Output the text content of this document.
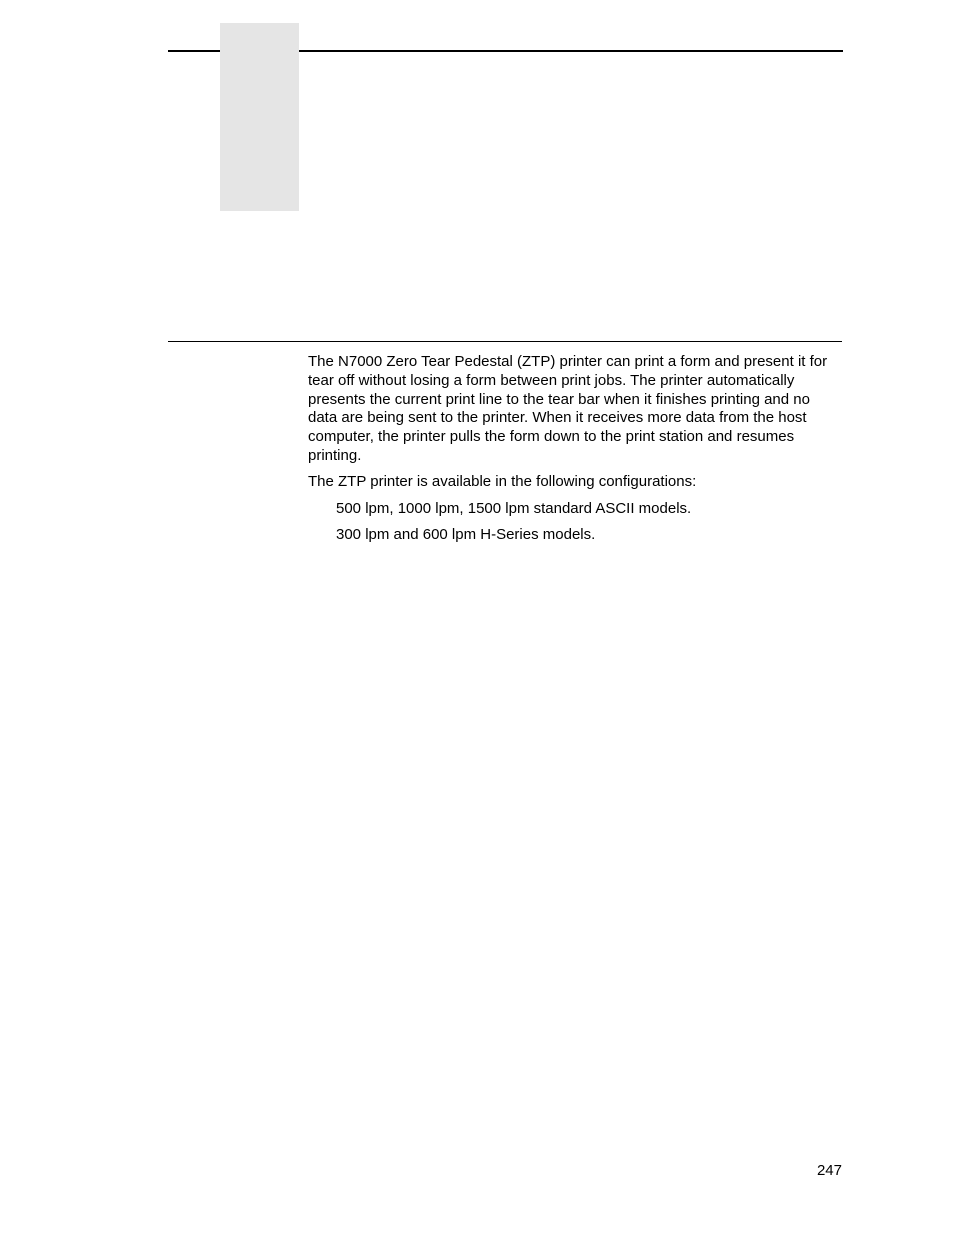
The N7000 Zero Tear Pedestal (ZTP) printer can print a form and present it for tear off without losing a form between print jobs. The printer automatically presents the current print line to the tear bar when it finishes printing and no data are being sent to the printer. When it receives more data from the host computer, the printer pulls the form down to the print station and resumes printing.

The ZTP printer is available in the following configurations:

500 lpm, 1000 lpm, 1500 lpm standard ASCII models.
300 lpm and 600 lpm H-Series models.
247
